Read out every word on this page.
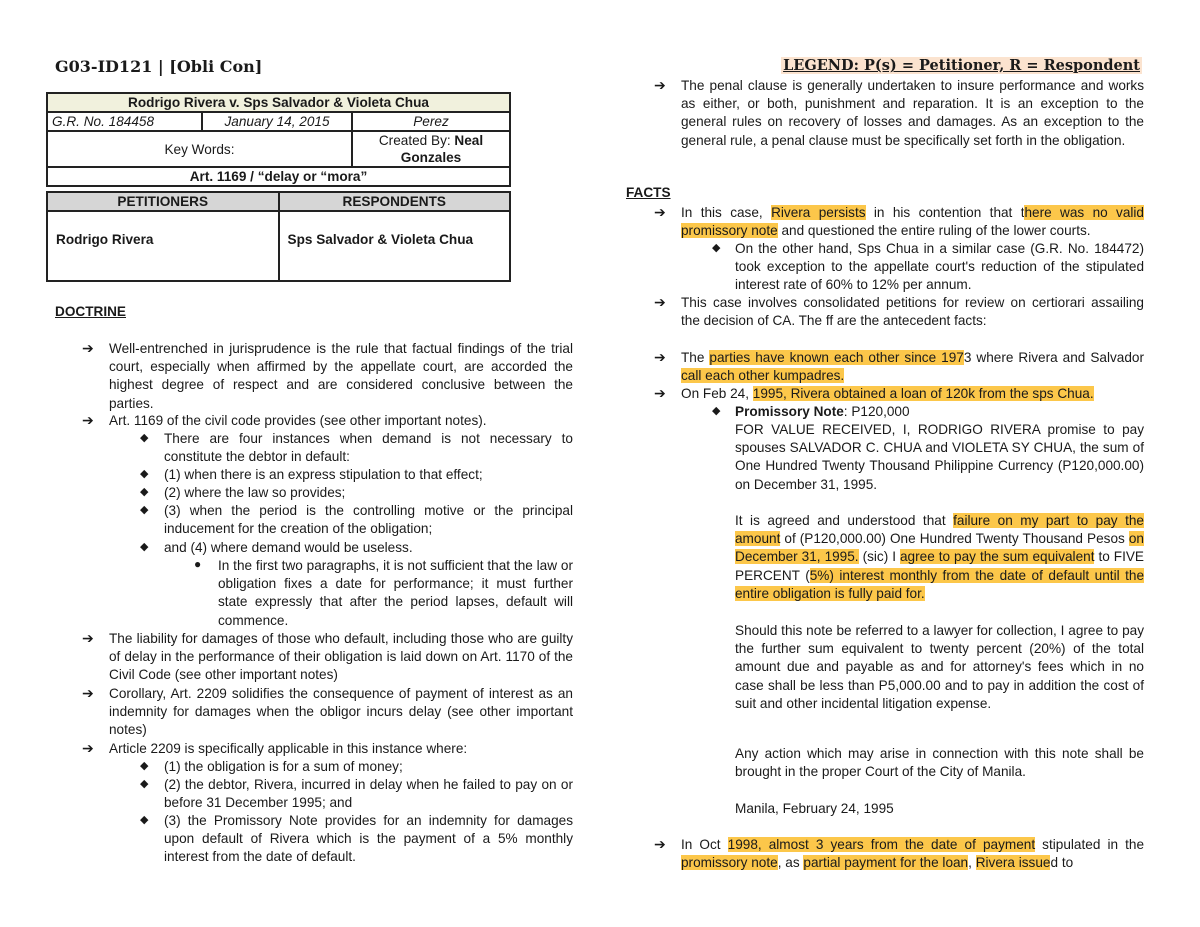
G03-ID121 | [Obli Con]	LEGEND: P(s) = Petitioner, R = Respondent
Rodrigo Rivera v. Sps Salvador & Violeta Chua		
G.R. No. 184458	January 14, 2015	Perez
Key Words:		Created By: Neal Gonzales
Art. 1169 / “delay or “mora”		
PETITIONERS	RESPONDENTS
Rodrigo Rivera	Sps Salvador & Violeta Chua
DOCTRINE
➔ Well-entrenched in jurisprudence is the rule that factual findings of the trial court, especially when affirmed by the appellate court, are accorded the highest degree of respect and are considered conclusive between the parties.
➔ Art. 1169 of the civil code provides (see other important notes).
◆ There are four instances when demand is not necessary to constitute the debtor in default:
◆ (1) when there is an express stipulation to that effect;
◆ (2) where the law so provides;
◆ (3) when the period is the controlling motive or the principal inducement for the creation of the obligation;
◆ and (4) where demand would be useless.
● In the first two paragraphs, it is not sufficient that the law or obligation fixes a date for performance; it must further state expressly that after the period lapses, default will commence.
➔ The liability for damages of those who default, including those who are guilty of delay in the performance of their obligation is laid down on Art. 1170 of the Civil Code (see other important notes)
➔ Corollary, Art. 2209 solidifies the consequence of payment of interest as an indemnity for damages when the obligor incurs delay (see other important notes)
➔ Article 2209 is specifically applicable in this instance where:
◆ (1) the obligation is for a sum of money;
◆ (2) the debtor, Rivera, incurred in delay when he failed to pay on or before 31 December 1995; and
◆ (3) the Promissory Note provides for an indemnity for damages upon default of Rivera which is the payment of a 5% monthly interest from the date of default.
➔ The penal clause is generally undertaken to insure performance and works as either, or both, punishment and reparation. It is an exception to the general rules on recovery of losses and damages. As an exception to the general rule, a penal clause must be specifically set forth in the obligation.
FACTS
➔ In this case, Rivera persists in his contention that there was no valid promissory note and questioned the entire ruling of the lower courts.
◆ On the other hand, Sps Chua in a similar case (G.R. No. 184472) took exception to the appellate court's reduction of the stipulated interest rate of 60% to 12% per annum.
➔ This case involves consolidated petitions for review on certiorari assailing the decision of CA. The ff are the antecedent facts:
➔ The parties have known each other since 1973 where Rivera and Salvador call each other kumpadres.
➔ On Feb 24, 1995, Rivera obtained a loan of 120k from the sps Chua.
◆ Promissory Note: P120,000
FOR VALUE RECEIVED, I, RODRIGO RIVERA promise to pay spouses SALVADOR C. CHUA and VIOLETA SY CHUA, the sum of One Hundred Twenty Thousand Philippine Currency (P120,000.00) on December 31, 1995.
It is agreed and understood that failure on my part to pay the amount of (P120,000.00) One Hundred Twenty Thousand Pesos on December 31, 1995. (sic) I agree to pay the sum equivalent to FIVE PERCENT (5%) interest monthly from the date of default until the entire obligation is fully paid for.
Should this note be referred to a lawyer for collection, I agree to pay the further sum equivalent to twenty percent (20%) of the total amount due and payable as and for attorney's fees which in no case shall be less than P5,000.00 and to pay in addition the cost of suit and other incidental litigation expense.
Any action which may arise in connection with this note shall be brought in the proper Court of the City of Manila.
Manila, February 24, 1995
➔ In Oct 1998, almost 3 years from the date of payment stipulated in the promissory note, as partial payment for the loan, Rivera issued to
